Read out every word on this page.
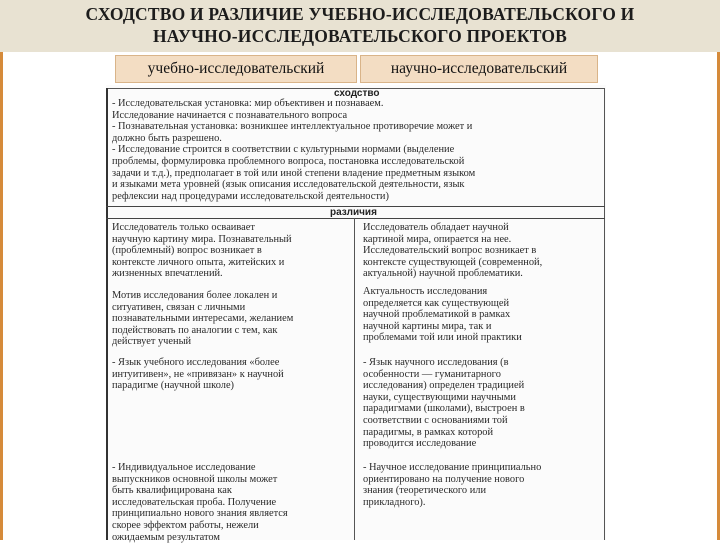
СХОДСТВО И РАЗЛИЧИЕ УЧЕБНО-ИССЛЕДОВАТЕЛЬСКОГО И
НАУЧНО-ИССЛЕДОВАТЕЛЬСКОГО ПРОЕКТОВ
учебно-исследовательский	научно-исследовательский
сходство
- Исследовательская установка: мир объективен и познаваем.
Исследование начинается с познавательного вопроса
- Познавательная установка: возникшее интеллектуальное противоречие может и
должно быть разрешено.
- Исследование строится в соответствии с культурными нормами (выделение
проблемы, формулировка проблемного вопроса, постановка исследовательской
задачи и т.д.), предполагает в той или иной степени владение предметным языком
и языками мета уровней (язык описания исследовательской деятельности, язык
рефлексии над процедурами исследовательской деятельности)
различия
Исследователь только осваивает
научную картину мира. Познавательный
(проблемный) вопрос возникает в
контексте личного опыта, житейских и
жизненных впечатлений.
Исследователь обладает научной
картиной мира, опирается на нее.
Исследовательский вопрос возникает в
контексте существующей (современной,
актуальной) научной проблематики.
Мотив исследования более локален и
ситуативен, связан с личными
познавательными интересами, желанием
подействовать по аналогии с тем, как
действует ученый
Актуальность исследования
определяется как существующей
научной проблематикой в рамках
научной картины мира, так и
проблемами той или иной практики
- Язык учебного исследования «более
интуитивен», не «привязан» к научной
парадигме (научной школе)
- Язык научного исследования (в
особенности — гуманитарного
исследования) определен традицией
науки, существующими научными
парадигмами (школами), выстроен в
соответствии с основаниями той
парадигмы, в рамках которой
проводится исследование
- Индивидуальное исследование
выпускников основной школы может
быть квалифицирована как
исследовательская проба. Получение
принципиально нового знания является
скорее эффектом работы, нежели
ожидаемым результатом
- Научное исследование принципиально
ориентировано на получение нового
знания (теоретического или
прикладного).
